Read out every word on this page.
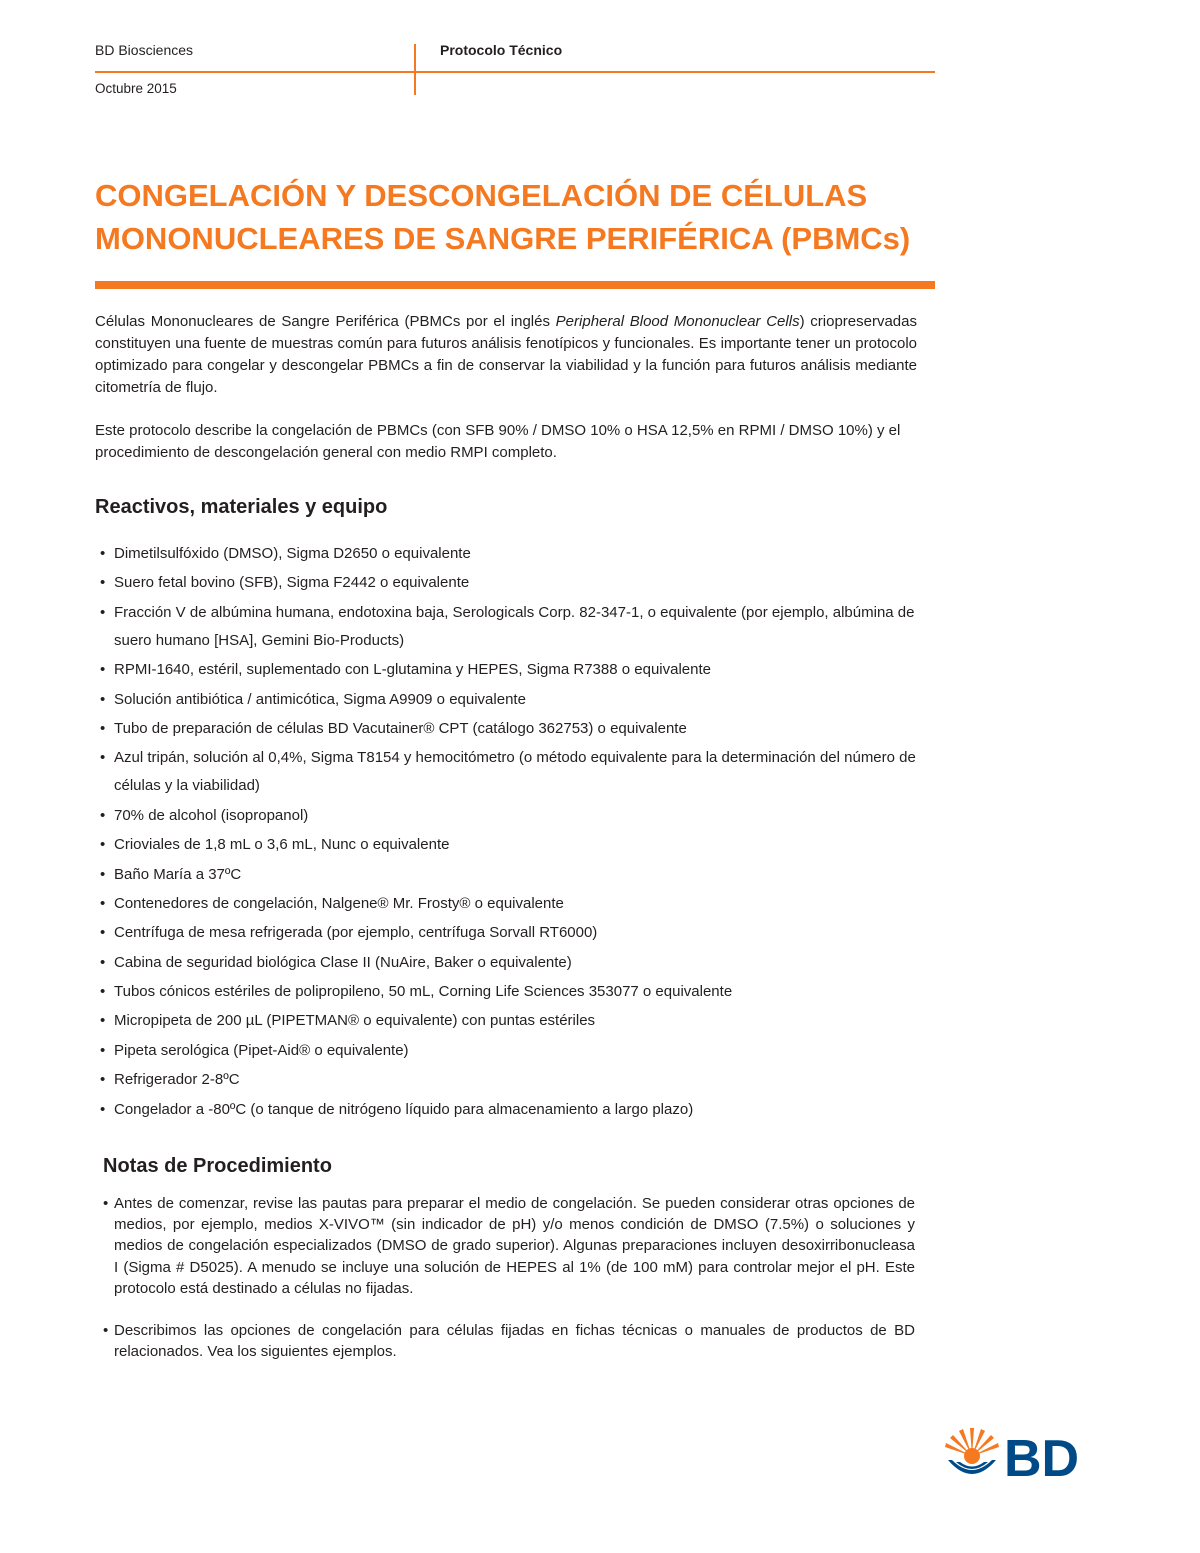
BD Biosciences	Protocolo Técnico
Octubre 2015
CONGELACIÓN Y DESCONGELACIÓN DE CÉLULAS
MONONUCLEARES DE SANGRE PERIFÉRICA (PBMCs)

Células Mononucleares de Sangre Periférica (PBMCs por el inglés Peripheral Blood Mononuclear Cells) criopreservadas constituyen una fuente de muestras común para futuros análisis fenotípicos y funcionales. Es importante tener un protocolo optimizado para congelar y descongelar PBMCs a fin de conservar la viabilidad y la función para futuros análisis mediante citometría de flujo.

Este protocolo describe la congelación de PBMCs (con SFB 90% / DMSO 10% o HSA 12,5% en RPMI / DMSO 10%) y el procedimiento de descongelación general con medio RMPI completo.

Reactivos, materiales y equipo
• Dimetilsulfóxido (DMSO), Sigma D2650 o equivalente
• Suero fetal bovino (SFB), Sigma F2442 o equivalente
• Fracción V de albúmina humana, endotoxina baja, Serologicals Corp. 82-347-1, o equivalente (por ejemplo, albúmina de suero humano [HSA], Gemini Bio-Products)
• RPMI-1640, estéril, suplementado con L-glutamina y HEPES, Sigma R7388 o equivalente
• Solución antibiótica / antimicótica, Sigma A9909 o equivalente
• Tubo de preparación de células BD Vacutainer® CPT (catálogo 362753) o equivalente
• Azul tripán, solución al 0,4%, Sigma T8154 y hemocitómetro (o método equivalente para la determinación del número de células y la viabilidad)
• 70% de alcohol (isopropanol)
• Crioviales de 1,8 mL o 3,6 mL, Nunc o equivalente
• Baño María a 37ºC
• Contenedores de congelación, Nalgene® Mr. Frosty® o equivalente
• Centrífuga de mesa refrigerada (por ejemplo, centrífuga Sorvall RT6000)
• Cabina de seguridad biológica Clase II (NuAire, Baker o equivalente)
• Tubos cónicos estériles de polipropileno, 50 mL, Corning Life Sciences 353077 o equivalente
• Micropipeta de 200 µL (PIPETMAN® o equivalente) con puntas estériles
• Pipeta serológica (Pipet-Aid® o equivalente)
• Refrigerador 2-8ºC
• Congelador a -80ºC (o tanque de nitrógeno líquido para almacenamiento a largo plazo)
Notas de Procedimiento
• Antes de comenzar, revise las pautas para preparar el medio de congelación. Se pueden considerar otras opciones de medios, por ejemplo, medios X-VIVO™ (sin indicador de pH) y/o menos condición de DMSO (7.5%) o soluciones y medios de congelación especializados (DMSO de grado superior). Algunas preparaciones incluyen desoxirribonucleasa I (Sigma # D5025). A menudo se incluye una solución de HEPES al 1% (de 100 mM) para controlar mejor el pH. Este protocolo está destinado a células no fijadas.
• Describimos las opciones de congelación para células fijadas en fichas técnicas o manuales de productos de BD relacionados. Vea los siguientes ejemplos.
BD
